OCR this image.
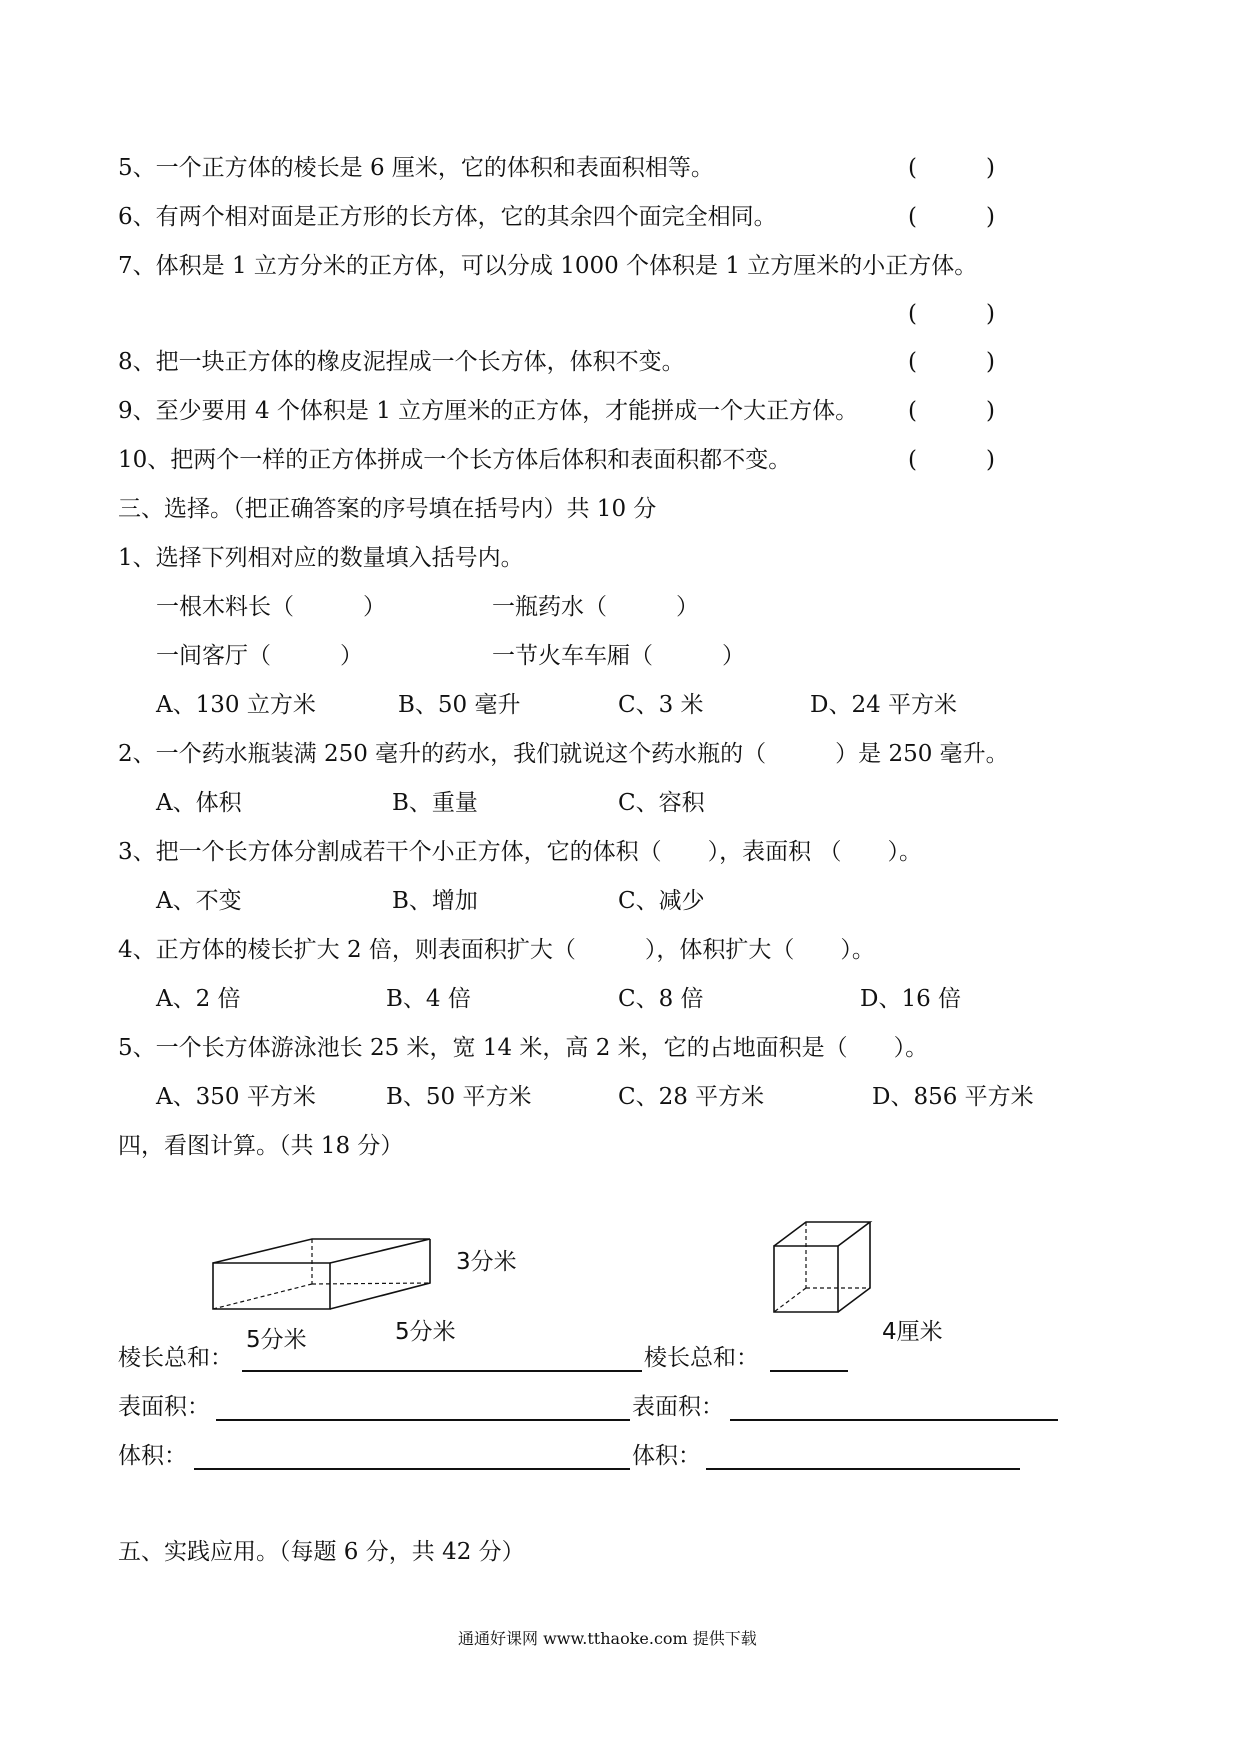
5、一个正方体的棱长是 6 厘米，它的体积和表面积相等。	(　　　)
6、有两个相对面是正方形的长方体，它的其余四个面完全相同。	(　　　)
7、体积是 1 立方分米的正方体，可以分成 1000 个体积是 1 立方厘米的小正方体。
(　　　)
8、把一块正方体的橡皮泥捏成一个长方体，体积不变。	(　　　)
9、至少要用 4 个体积是 1 立方厘米的正方体，才能拼成一个大正方体。 (　　　)
10、把两个一样的正方体拼成一个长方体后体积和表面积都不变。	(　　　)
三、选择。（把正确答案的序号填在括号内）共 10 分
1、选择下列相对应的数量填入括号内。
一根木料长（　　　）	一瓶药水（　　　）
一间客厅（　　　）	一节火车车厢（　　　）
A、130 立方米	B、50 毫升	C、3 米	D、24 平方米
2、一个药水瓶装满 250 毫升的药水，我们就说这个药水瓶的（　　　）是 250 毫升。
A、体积	B、重量	C、容积
3、把一个长方体分割成若干个小正方体，它的体积（　　），表面积 （　　）。
A、不变	B、增加	C、减少
4、正方体的棱长扩大 2 倍，则表面积扩大（　　　），体积扩大（　　）。
A、2 倍	B、4 倍	C、8 倍	D、16 倍
5、一个长方体游泳池长 25 米，宽 14 米，高 2 米，它的占地面积是（　　）。
A、350 平方米	B、50 平方米	C、28 平方米	D、856 平方米
四，看图计算。（共 18 分）
3分米
5分米	5分米	4厘米
棱长总和：	棱长总和：
表面积：	表面积：
体积：	体积：
五、实践应用。（每题 6 分，共 42 分）
通通好课网 www.tthaoke.com 提供下载
